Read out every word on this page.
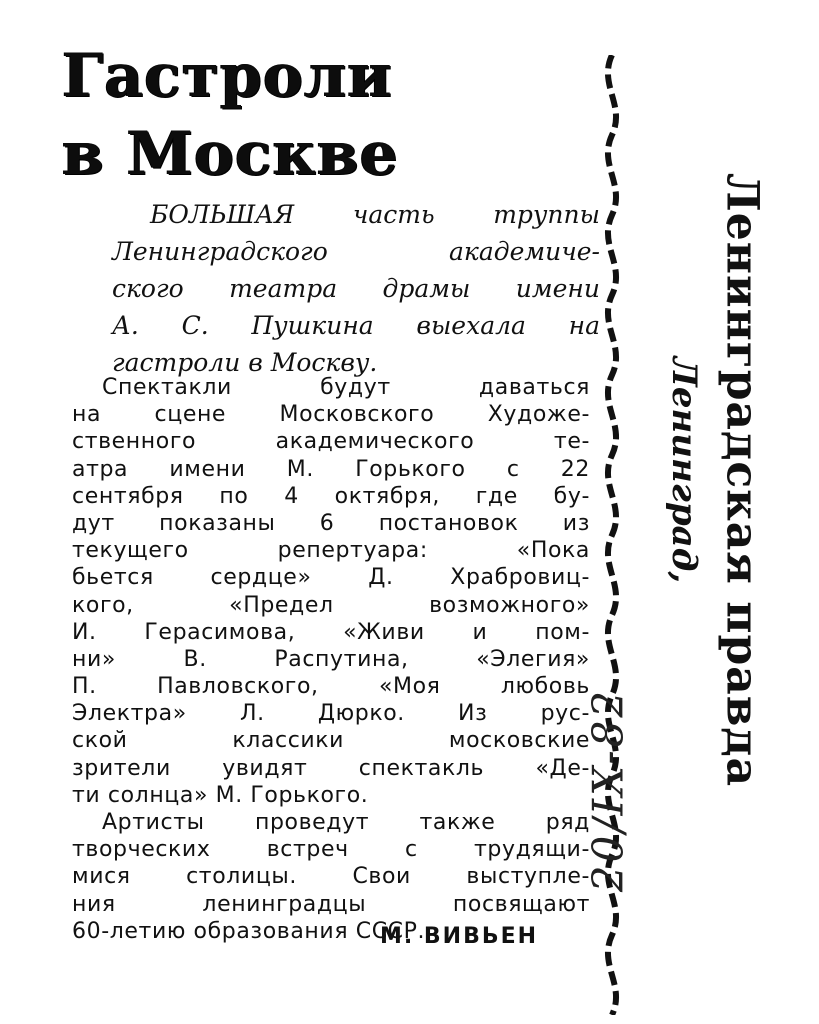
Гастроли
в Москве
БОЛЬШАЯ часть труппы
Ленинградского академиче-
ского театра драмы имени
А. С. Пушкина выехала на
гастроли в Москву.
Спектакли будут даваться
на сцене Московского Художе-
ственного академического те-
атра имени М. Горького с 22
сентября по 4 октября, где бу-
дут показаны 6 постановок из
текущего репертуара: «Пока
бьется сердце» Д. Храбровиц-
кого, «Предел возможного»
И. Герасимова, «Живи и пом-
ни» В. Распутина, «Элегия»
П. Павловского, «Моя любовь
Электра» Л. Дюрко. Из рус-
ской классики московские
зрители увидят спектакль «Де-
ти солнца» М. Горького.
Артисты проведут также ряд
творческих встреч с трудящи-
мися столицы. Свои выступле-
ния ленинградцы посвящают
60-летию образования СССР.
М. ВИВЬЕН
20/IX-82
Ленинград, Ленинградская правда
